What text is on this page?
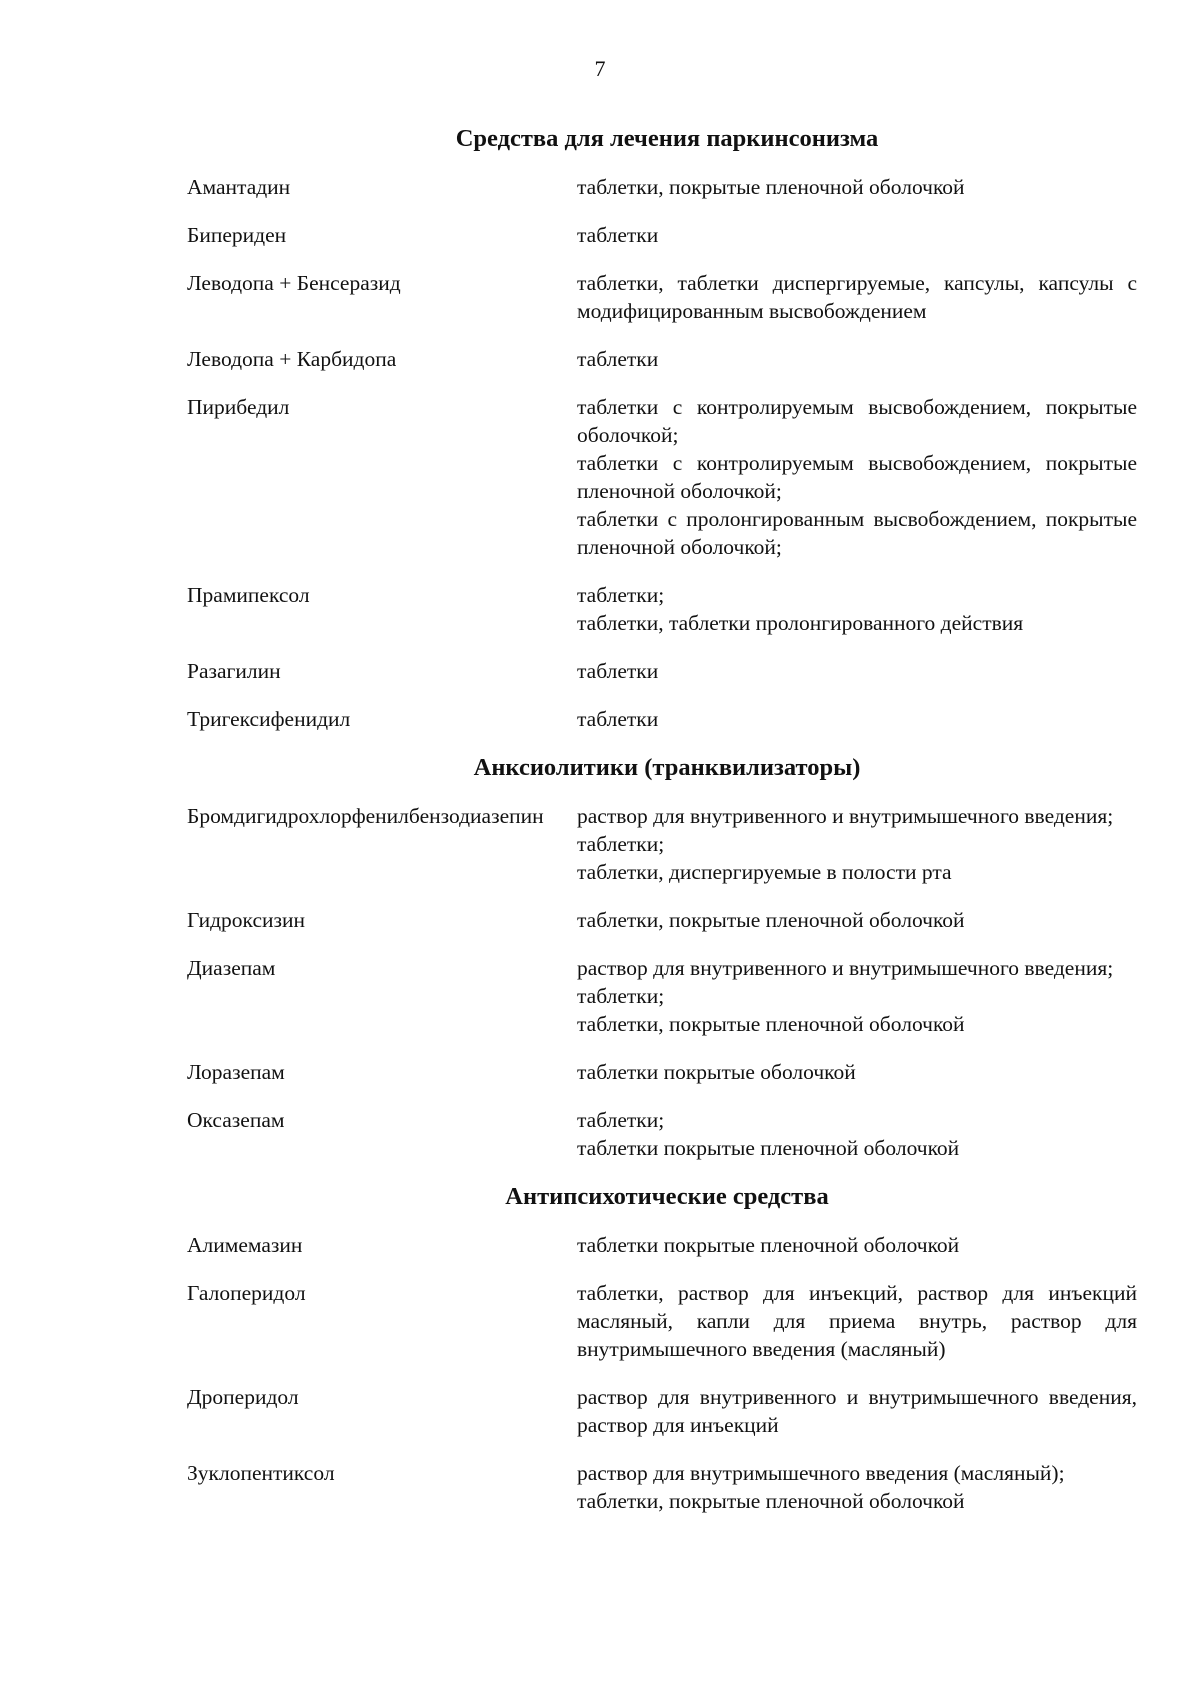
7
Средства для лечения паркинсонизма
Амантадин	таблетки, покрытые пленочной оболочкой
Бипериден	таблетки
Леводопа + Бенсеразид	таблетки, таблетки диспергируемые, капсулы, капсулы с модифицированным высвобождением
Леводопа + Карбидопа	таблетки
Пирибедил	таблетки с контролируемым высвобождением, покрытые оболочкой;
таблетки с контролируемым высвобождением, покрытые пленочной оболочкой;
таблетки с пролонгированным высвобождением, покрытые пленочной оболочкой;
Прамипексол	таблетки;
таблетки, таблетки пролонгированного действия
Разагилин	таблетки
Тригексифенидил	таблетки
Анксиолитики (транквилизаторы)
Бромдигидрохлорфенилбензодиазепин	раствор для внутривенного и внутримышечного введения;
таблетки;
таблетки, диспергируемые в полости рта
Гидроксизин	таблетки, покрытые пленочной оболочкой
Диазепам	раствор для внутривенного и внутримышечного введения;
таблетки;
таблетки, покрытые пленочной оболочкой
Лоразепам	таблетки покрытые оболочкой
Оксазепам	таблетки;
таблетки покрытые пленочной оболочкой
Антипсихотические средства
Алимемазин	таблетки покрытые пленочной оболочкой
Галоперидол	таблетки, раствор для инъекций, раствор для инъекций масляный, капли для приема внутрь, раствор для внутримышечного введения (масляный)
Дроперидол	раствор для внутривенного и внутримышечного введения, раствор для инъекций
Зуклопентиксол	раствор для внутримышечного введения (масляный);
таблетки, покрытые пленочной оболочкой
